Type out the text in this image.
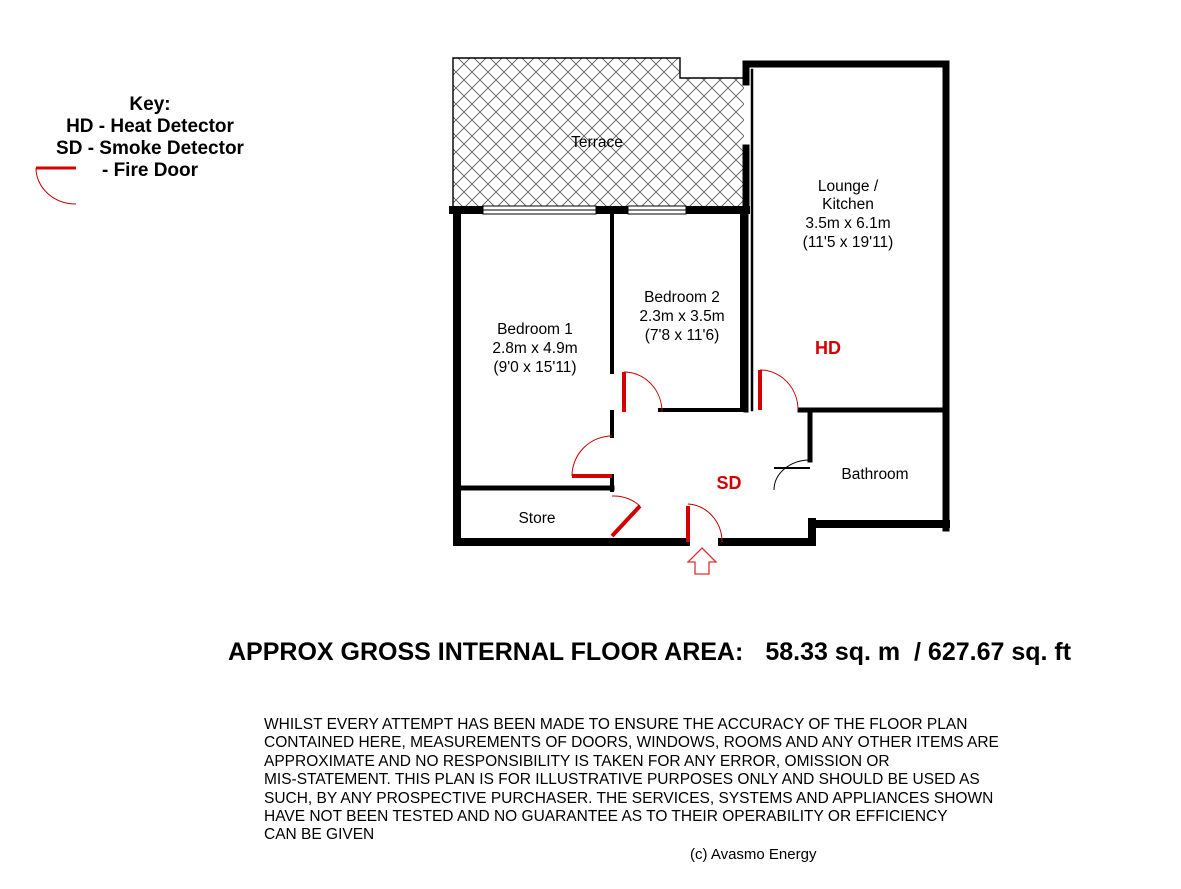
Key:
HD - Heat Detector
SD - Smoke Detector
- Fire Door
Terrace
Lounge /
Kitchen
3.5m x 6.1m
(11'5 x 19'11)
Bedroom 1
2.8m x 4.9m
(9'0 x 15'11)
Bedroom 2
2.3m x 3.5m
(7'8 x 11'6)
Bathroom
Store
HD
SD
APPROX GROSS INTERNAL FLOOR AREA: 58.33 sq. m / 627.67 sq. ft
WHILST EVERY ATTEMPT HAS BEEN MADE TO ENSURE THE ACCURACY OF THE FLOOR PLAN
CONTAINED HERE, MEASUREMENTS OF DOORS, WINDOWS, ROOMS AND ANY OTHER ITEMS ARE
APPROXIMATE AND NO RESPONSIBILITY IS TAKEN FOR ANY ERROR, OMISSION OR
MIS-STATEMENT. THIS PLAN IS FOR ILLUSTRATIVE PURPOSES ONLY AND SHOULD BE USED AS
SUCH, BY ANY PROSPECTIVE PURCHASER. THE SERVICES, SYSTEMS AND APPLIANCES SHOWN
HAVE NOT BEEN TESTED AND NO GUARANTEE AS TO THEIR OPERABILITY OR EFFICIENCY
CAN BE GIVEN
(c) Avasmo Energy
